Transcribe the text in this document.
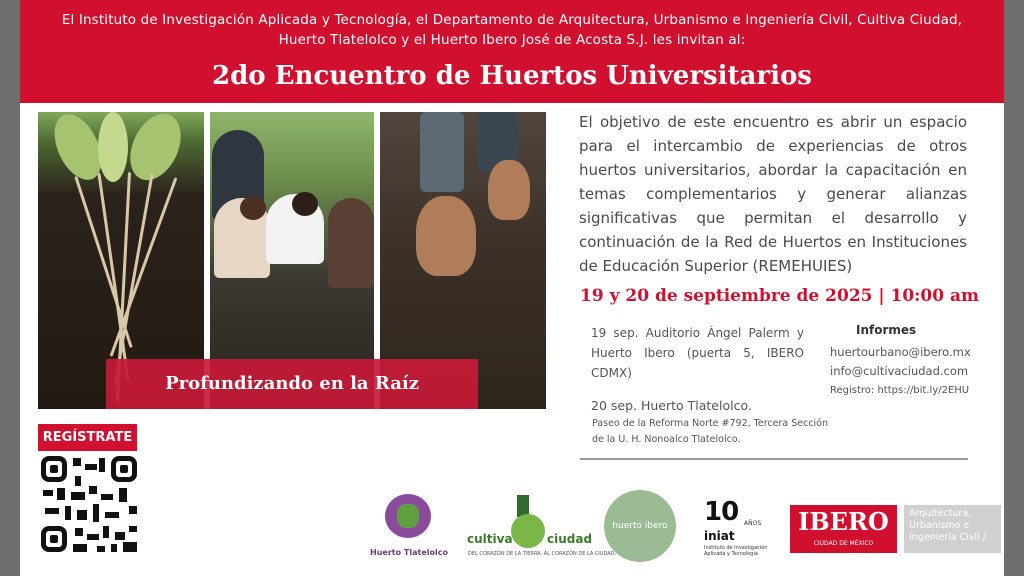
El Instituto de Investigación Aplicada y Tecnología, el Departamento de Arquitectura, Urbanismo e Ingeniería Civil, Cultiva Ciudad, Huerto Tlatelolco y el Huerto Ibero José de Acosta S.J. les invitan al:
2do Encuentro de Huertos Universitarios
Profundizando en la Raíz
El objetivo de este encuentro es abrir un espacio para el intercambio de experiencias de otros huertos universitarios, abordar la capacitación en temas complementarios y generar alianzas significativas que permitan el desarrollo y continuación de la Red de Huertos en Instituciones de Educación Superior (REMEHUIES)
19 y 20 de septiembre de 2025 | 10:00 am
19 sep. Auditorio Ángel Palerm y Huerto Ibero (puerta 5, IBERO CDMX)
20 sep. Huerto Tlatelolco.
Paseo de la Reforma Norte #792, Tercera Sección de la U. H. Nonoalco Tlatelolco.
Informes
huertourbano@ibero.mx
info@cultivaciudad.com
Registro: https://bit.ly/2EHU
REGÍSTRATE
Huerto Tlatelolco
cultiva	ciudad
DEL CORAZÓN DE LA TIERRA, AL CORAZÓN DE LA CIUDAD.
huerto ibero	10 AÑOS
iniat
Instituto de Investigación Aplicada y Tecnología
IBERO
CIUDAD DE MÉXICO
Arquitectura, Urbanismo e Ingeniería Civil /
